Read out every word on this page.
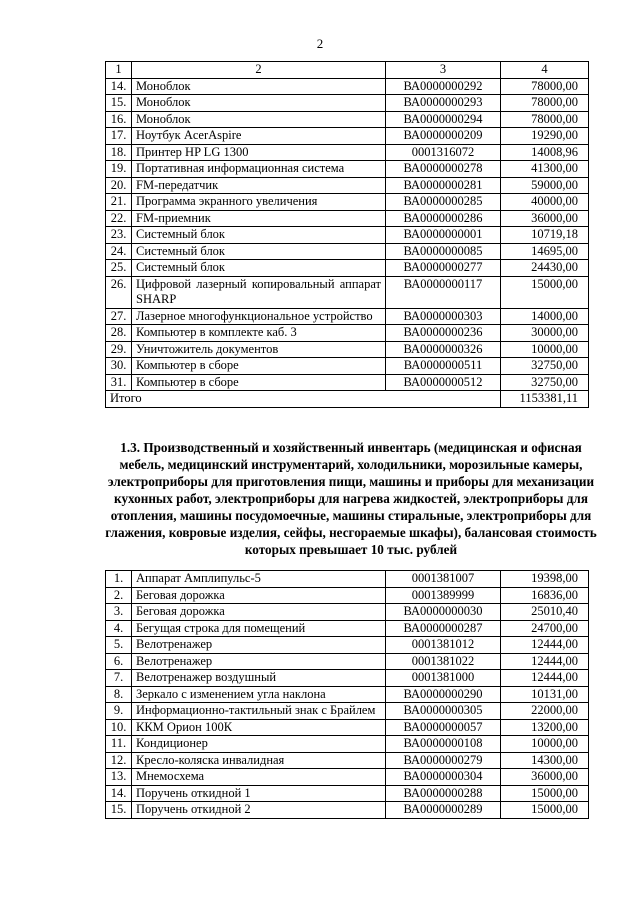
2
1	2	3	4
14.	Моноблок	ВА0000000292	78000,00
15.	Моноблок	ВА0000000293	78000,00
16.	Моноблок	ВА0000000294	78000,00
17.	Ноутбук AcerAspire	ВА0000000209	19290,00
18.	Принтер HP LG 1300	0001316072	14008,96
19.	Портативная информационная система	ВА0000000278	41300,00
20.	FM-передатчик	ВА0000000281	59000,00
21.	Программа экранного увеличения	ВА0000000285	40000,00
22.	FM-приемник	ВА0000000286	36000,00
23.	Системный блок	ВА0000000001	10719,18
24.	Системный блок	ВА0000000085	14695,00
25.	Системный блок	ВА0000000277	24430,00
26.	Цифровой лазерный копировальный аппарат SHARP	ВА0000000117	15000,00
27.	Лазерное многофункциональное устройство	ВА0000000303	14000,00
28.	Компьютер в комплекте каб. 3	ВА0000000236	30000,00
29.	Уничтожитель документов	ВА0000000326	10000,00
30.	Компьютер в сборе	ВА0000000511	32750,00
31.	Компьютер в сборе	ВА0000000512	32750,00
Итого			1153381,11
1.3. Производственный и хозяйственный инвентарь (медицинская и офисная мебель, медицинский инструментарий, холодильники, морозильные камеры, электроприборы для приготовления пищи, машины и приборы для механизации кухонных работ, электроприборы для нагрева жидкостей, электроприборы для отопления, машины посудомоечные, машины стиральные, электроприборы для глажения, ковровые изделия, сейфы, несгораемые шкафы), балансовая стоимость которых превышает 10 тыс. рублей
1.	Аппарат Амплипульс-5	0001381007	19398,00
2.	Беговая дорожка	0001389999	16836,00
3.	Беговая дорожка	ВА0000000030	25010,40
4.	Бегущая строка для помещений	ВА0000000287	24700,00
5.	Велотренажер	0001381012	12444,00
6.	Велотренажер	0001381022	12444,00
7.	Велотренажер воздушный	0001381000	12444,00
8.	Зеркало с изменением угла наклона	ВА0000000290	10131,00
9.	Информационно-тактильный знак с Брайлем	ВА0000000305	22000,00
10.	ККМ Орион 100К	ВА0000000057	13200,00
11.	Кондиционер	ВА0000000108	10000,00
12.	Кресло-коляска инвалидная	ВА0000000279	14300,00
13.	Мнемосхема	ВА0000000304	36000,00
14.	Поручень откидной 1	ВА0000000288	15000,00
15.	Поручень откидной 2	ВА0000000289	15000,00
